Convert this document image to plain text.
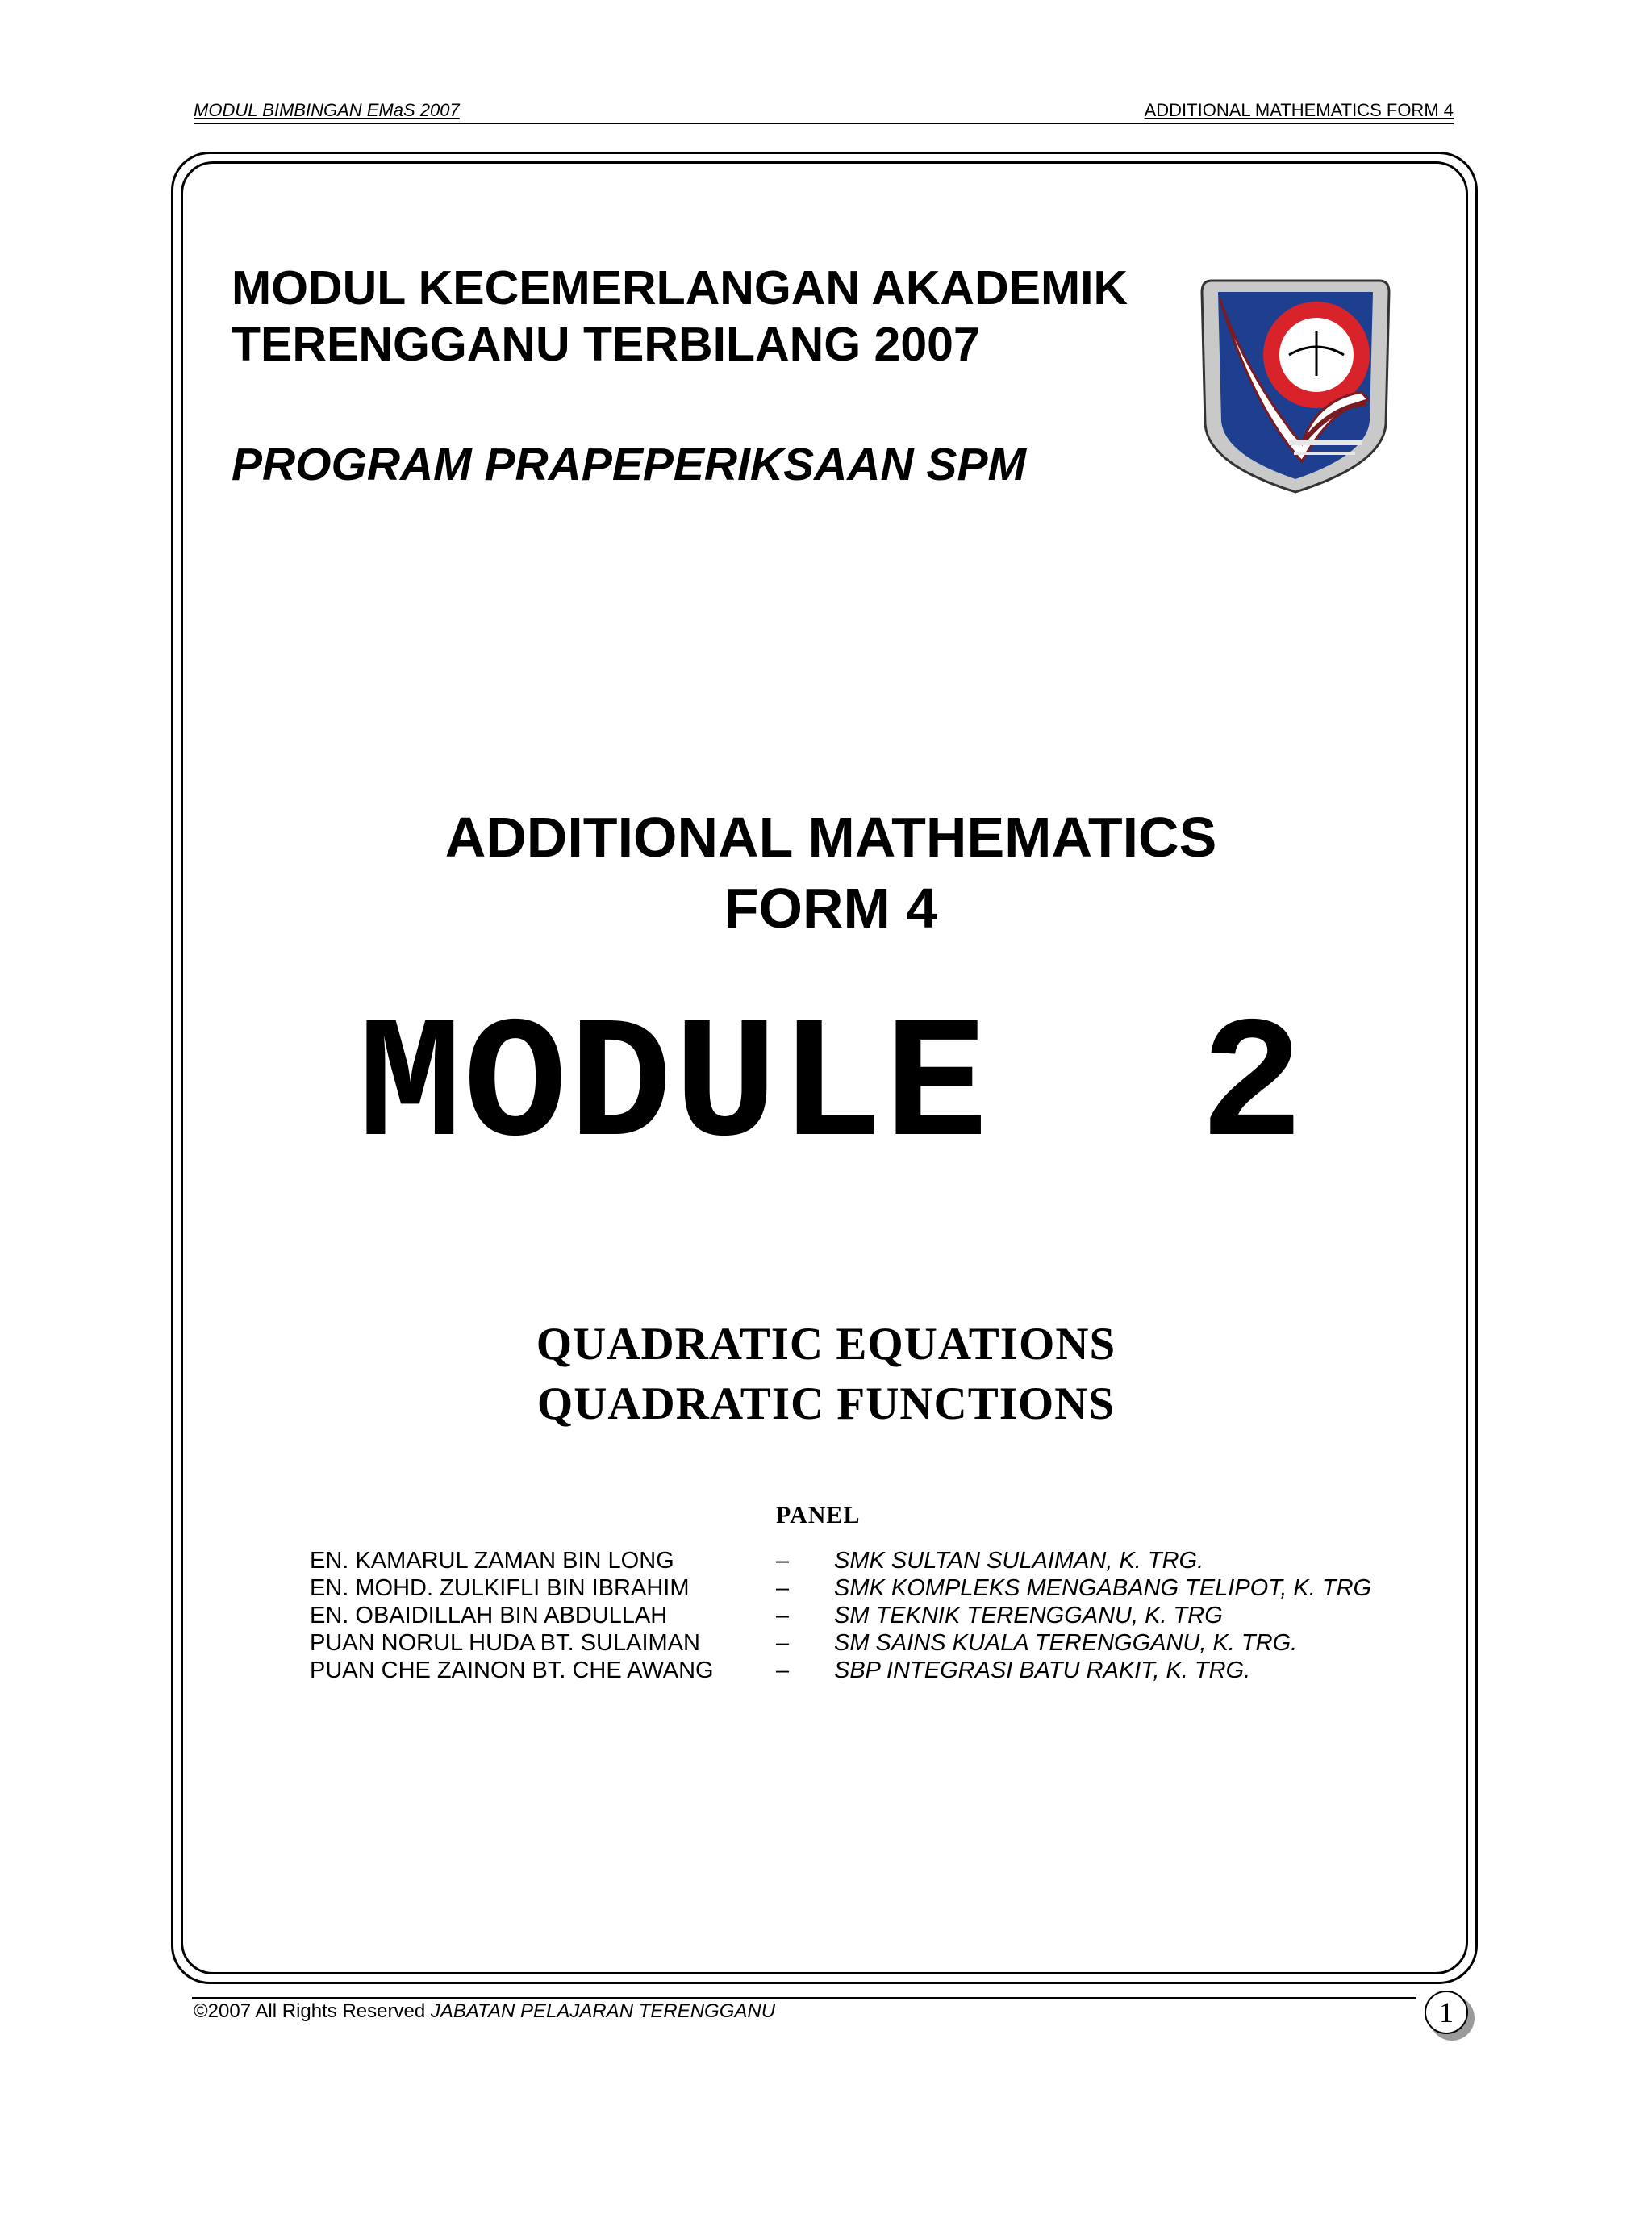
MODUL BIMBINGAN EMaS 2007	ADDITIONAL MATHEMATICS FORM 4
MODUL KECEMERLANGAN AKADEMIK
TERENGGANU TERBILANG 2007
PROGRAM PRAPEPERIKSAAN SPM
ADDITIONAL MATHEMATICS
FORM 4
MODULE  2
QUADRATIC EQUATIONS
QUADRATIC FUNCTIONS
PANEL
EN. KAMARUL ZAMAN BIN LONG	– SMK SULTAN SULAIMAN, K. TRG.
EN. MOHD. ZULKIFLI BIN IBRAHIM	– SMK KOMPLEKS MENGABANG TELIPOT, K. TRG
EN. OBAIDILLAH BIN ABDULLAH	– SM TEKNIK TERENGGANU, K. TRG
PUAN NORUL HUDA BT. SULAIMAN	– SM SAINS KUALA TERENGGANU, K. TRG.
PUAN CHE ZAINON BT. CHE AWANG	– SBP INTEGRASI BATU RAKIT, K. TRG.
©2007 All Rights Reserved JABATAN PELAJARAN TERENGGANU	1
